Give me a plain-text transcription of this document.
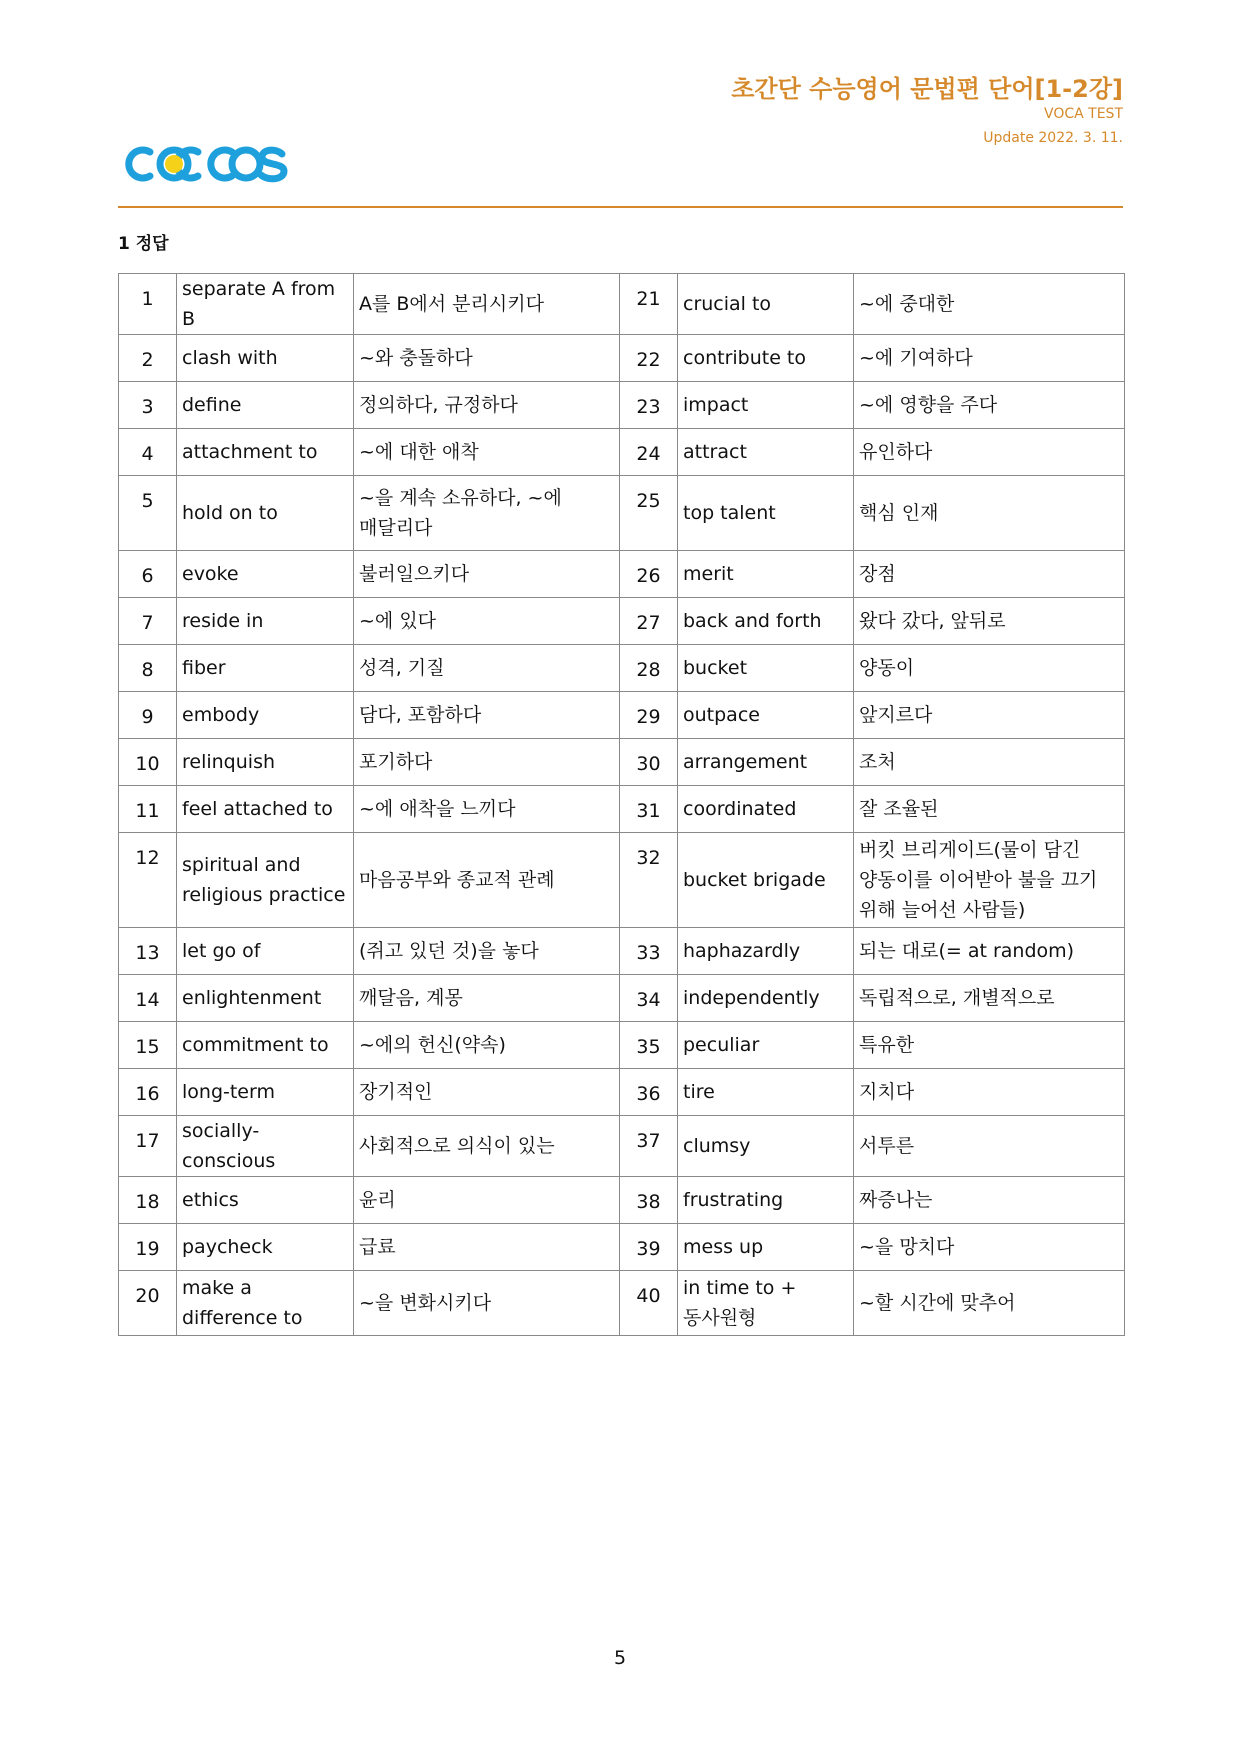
초간단 수능영어 문법편 단어[1-2강]
VOCA TEST
Update 2022. 3. 11.
1 정답
1	separate A from B	A를 B에서 분리시키다	21	crucial to	~에 중대한
2	clash with	~와 충돌하다	22	contribute to	~에 기여하다
3	define	정의하다, 규정하다	23	impact	~에 영향을 주다
4	attachment to	~에 대한 애착	24	attract	유인하다
5	hold on to	~을 계속 소유하다, ~에 매달리다	25	top talent	핵심 인재
6	evoke	불러일으키다	26	merit	장점
7	reside in	~에 있다	27	back and forth	왔다 갔다, 앞뒤로
8	fiber	성격, 기질	28	bucket	양동이
9	embody	담다, 포함하다	29	outpace	앞지르다
10	relinquish	포기하다	30	arrangement	조처
11	feel attached to	~에 애착을 느끼다	31	coordinated	잘 조율된
12	spiritual and religious practice	마음공부와 종교적 관례	32	bucket brigade	버킷 브리게이드(물이 담긴 양동이를 이어받아 불을 끄기 위해 늘어선 사람들)
13	let go of	(쥐고 있던 것)을 놓다	33	haphazardly	되는 대로(= at random)
14	enlightenment	깨달음, 계몽	34	independently	독립적으로, 개별적으로
15	commitment to	~에의 헌신(약속)	35	peculiar	특유한
16	long-term	장기적인	36	tire	지치다
17	socially-conscious	사회적으로 의식이 있는	37	clumsy	서투른
18	ethics	윤리	38	frustrating	짜증나는
19	paycheck	급료	39	mess up	~을 망치다
20	make a difference to	~을 변화시키다	40	in time to + 동사원형	~할 시간에 맞추어
5
